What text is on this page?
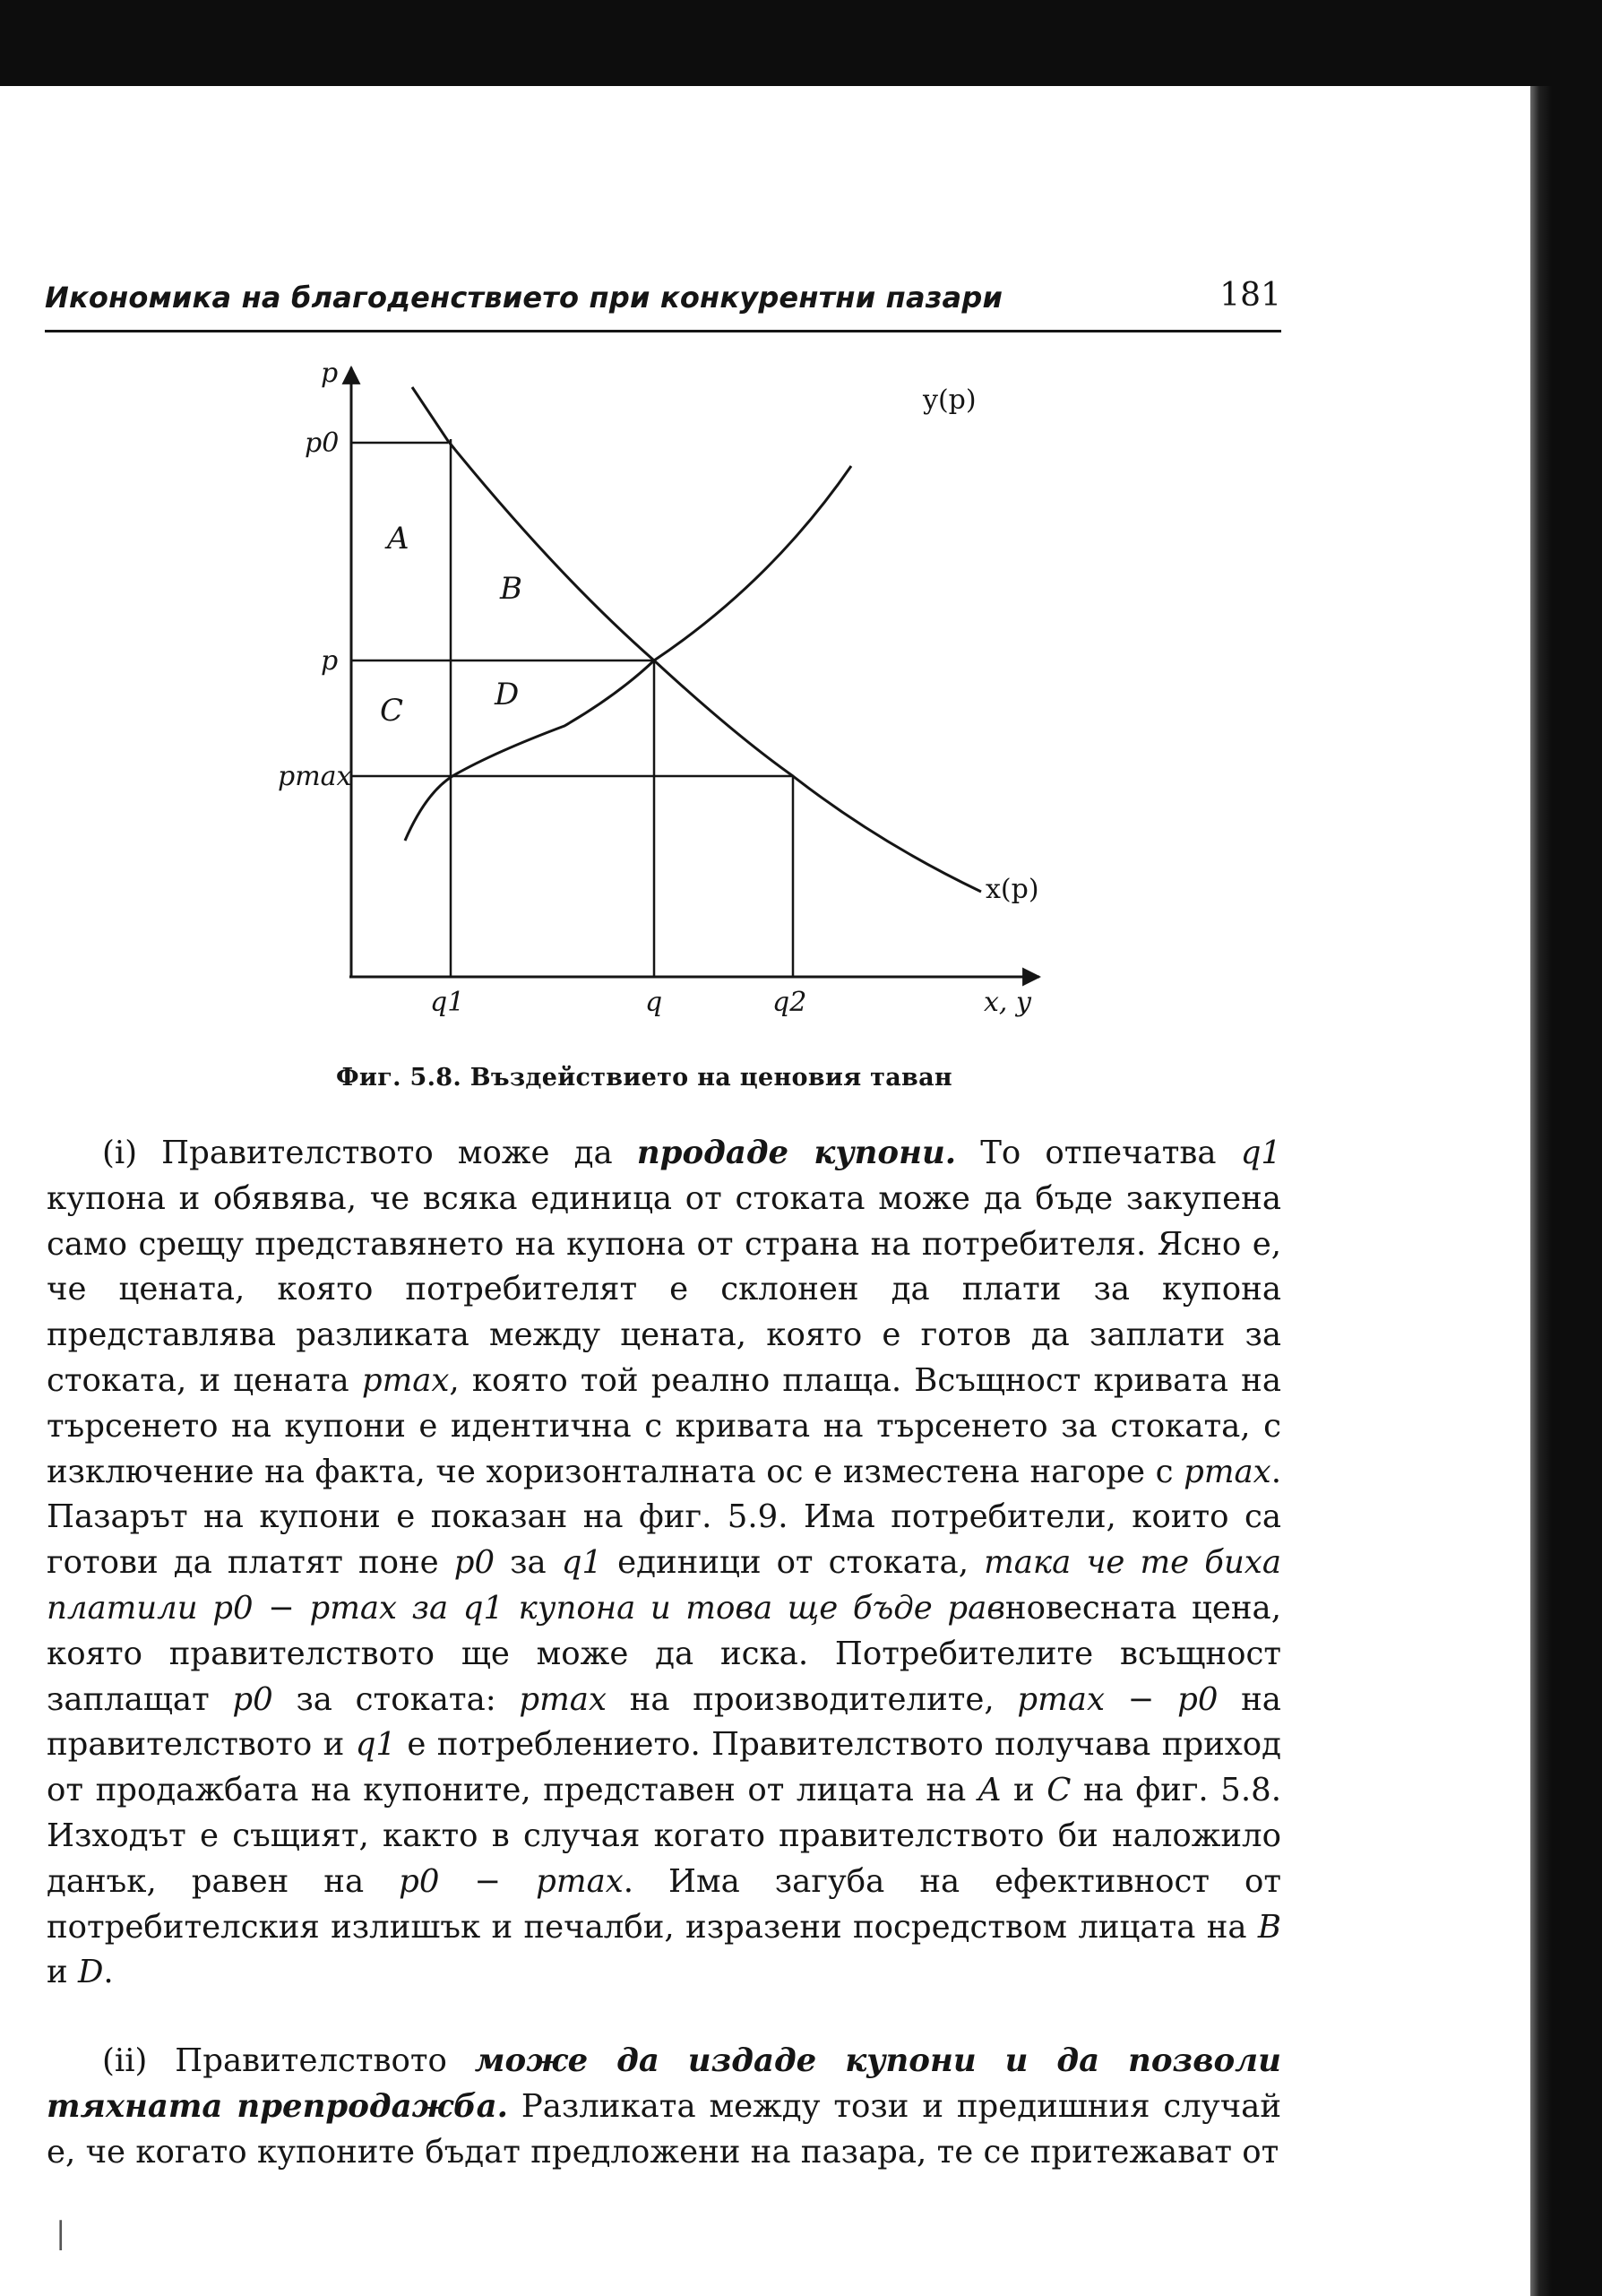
Икономика на благоденствието при конкурентни пазари	181
p
p0
p
pmax
q1	q	q2	x, y
y(p)
x(p)
A
B
C	D
Фиг. 5.8. Въздействието на ценовия таван

(i) Правителството може да продаде купони. То отпечатва q1 купона и обявява, че всяка единица от стоката може да бъде закупена само срещу представянето на купона от страна на потребителя. Ясно е, че цената, която потребителят е склонен да плати за купона представлява разликата между цената, която е готов да заплати за стоката, и цената pmax, която той реално плаща. Всъщност кривата на търсенето на купони е идентична с кривата на търсенето за стоката, с изключение на факта, че хоризонталната ос е изместена нагоре с pmax. Пазарът на купони е показан на фиг. 5.9. Има потребители, които са готови да платят поне p0 за q1 единици от стоката, така че те биха платили p0 − pmax за q1 купона и това ще бъде равновесната цена, която правителството ще може да иска. Потребителите всъщност заплащат p0 за стоката: pmax на производителите, pmax − p0 на правителството и q1 е потреблението. Правителството получава приход от продажбата на купоните, представен от лицата на A и C на фиг. 5.8. Изходът е същият, както в случая когато правителството би наложило данък, равен на p0 − pmax. Има загуба на ефективност от потребителския излишък и печалби, изразени посредством лицата на B и D.

(ii) Правителството може да издаде купони и да позволи тяхната препродажба. Разликата между този и предишния случай е, че когато купоните бъдат предложени на пазара, те се притежават от

|
